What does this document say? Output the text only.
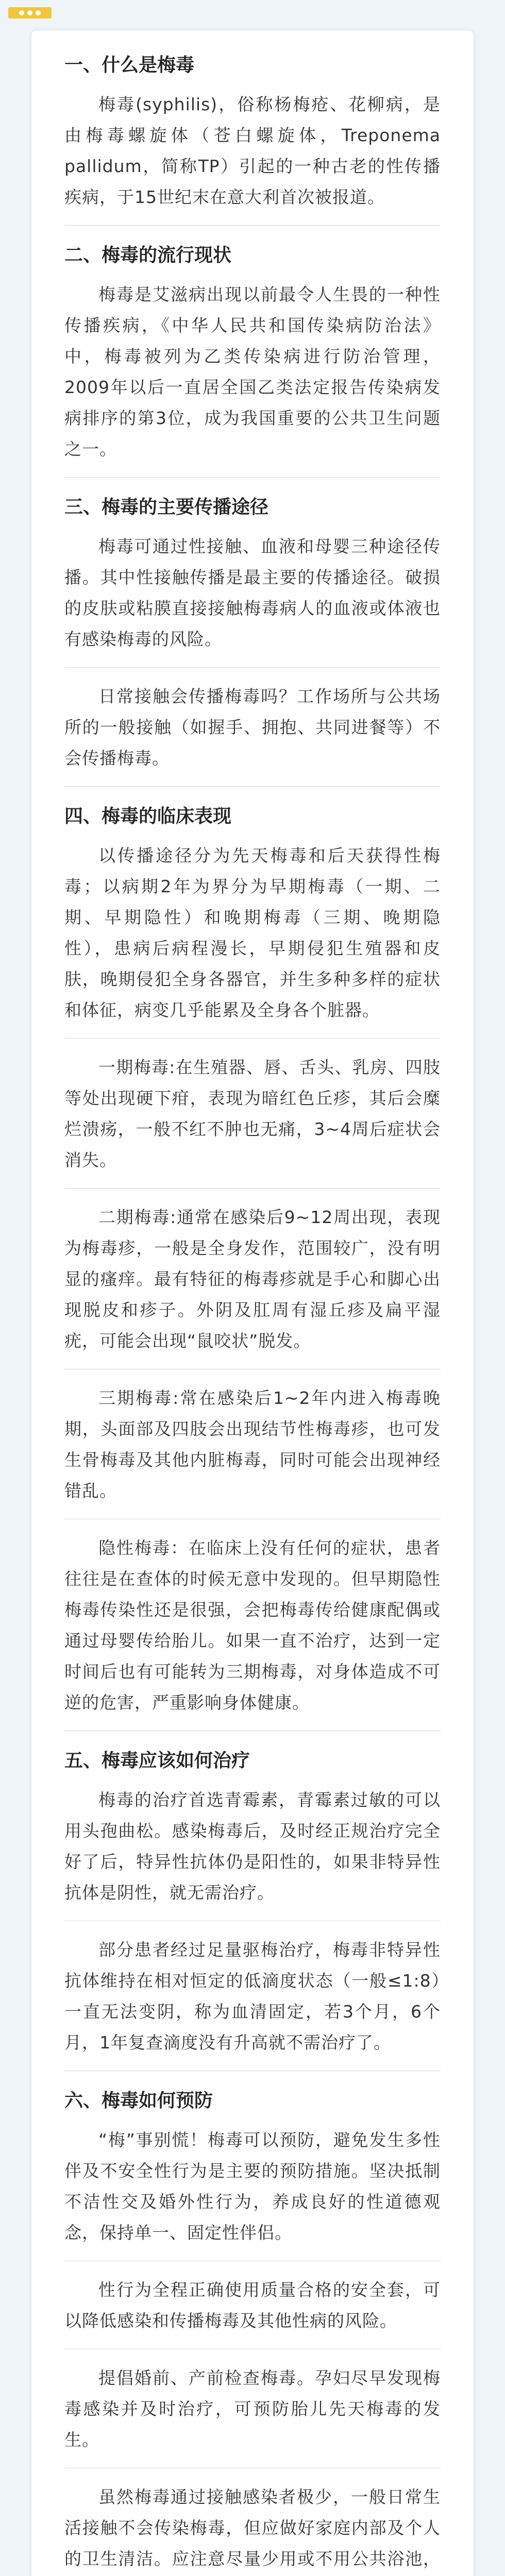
一、什么是梅毒

梅毒(syphilis)，俗称杨梅疮、花柳病，是由梅毒螺旋体（苍白螺旋体，Treponema pallidum，简称TP）引起的一种古老的性传播疾病，于15世纪末在意大利首次被报道。

二、梅毒的流行现状

梅毒是艾滋病出现以前最令人生畏的一种性传播疾病，《中华人民共和国传染病防治法》中，梅毒被列为乙类传染病进行防治管理，2009年以后一直居全国乙类法定报告传染病发病排序的第3位，成为我国重要的公共卫生问题之一。

三、梅毒的主要传播途径

梅毒可通过性接触、血液和母婴三种途径传播。其中性接触传播是最主要的传播途径。破损的皮肤或粘膜直接接触梅毒病人的血液或体液也有感染梅毒的风险。

日常接触会传播梅毒吗？工作场所与公共场所的一般接触（如握手、拥抱、共同进餐等）不会传播梅毒。

四、梅毒的临床表现

以传播途径分为先天梅毒和后天获得性梅毒；以病期2年为界分为早期梅毒（一期、二期、早期隐性）和晚期梅毒（三期、晚期隐性），患病后病程漫长，早期侵犯生殖器和皮肤，晚期侵犯全身各器官，并生多种多样的症状和体征，病变几乎能累及全身各个脏器。

一期梅毒:在生殖器、唇、舌头、乳房、四肢等处出现硬下疳，表现为暗红色丘疹，其后会糜烂溃疡，一般不红不肿也无痛，3~4周后症状会消失。

二期梅毒:通常在感染后9~12周出现，表现为梅毒疹，一般是全身发作，范围较广，没有明显的瘙痒。最有特征的梅毒疹就是手心和脚心出现脱皮和疹子。外阴及肛周有湿丘疹及扁平湿疣，可能会出现“鼠咬状”脱发。

三期梅毒:常在感染后1~2年内进入梅毒晚期，头面部及四肢会出现结节性梅毒疹，也可发生骨梅毒及其他内脏梅毒，同时可能会出现神经错乱。

隐性梅毒：在临床上没有任何的症状，患者往往是在查体的时候无意中发现的。但早期隐性梅毒传染性还是很强，会把梅毒传给健康配偶或通过母婴传给胎儿。如果一直不治疗，达到一定时间后也有可能转为三期梅毒，对身体造成不可逆的危害，严重影响身体健康。

五、梅毒应该如何治疗

梅毒的治疗首选青霉素，青霉素过敏的可以用头孢曲松。感染梅毒后，及时经正规治疗完全好了后，特异性抗体仍是阳性的，如果非特异性抗体是阴性，就无需治疗。

部分患者经过足量驱梅治疗，梅毒非特异性抗体维持在相对恒定的低滴度状态（一般≤1:8）一直无法变阴，称为血清固定，若3个月，6个月，1年复查滴度没有升高就不需治疗了。

六、梅毒如何预防

“梅”事别慌！梅毒可以预防，避免发生多性伴及不安全性行为是主要的预防措施。坚决抵制不洁性交及婚外性行为，养成良好的性道德观念，保持单一、固定性伴侣。

性行为全程正确使用质量合格的安全套，可以降低感染和传播梅毒及其他性病的风险。

提倡婚前、产前检查梅毒。孕妇尽早发现梅毒感染并及时治疗，可预防胎儿先天梅毒的发生。

虽然梅毒通过接触感染者极少，一般日常生活接触不会传染梅毒，但应做好家庭内部及个人的卫生清洁。应注意尽量少用或不用公共浴池，
